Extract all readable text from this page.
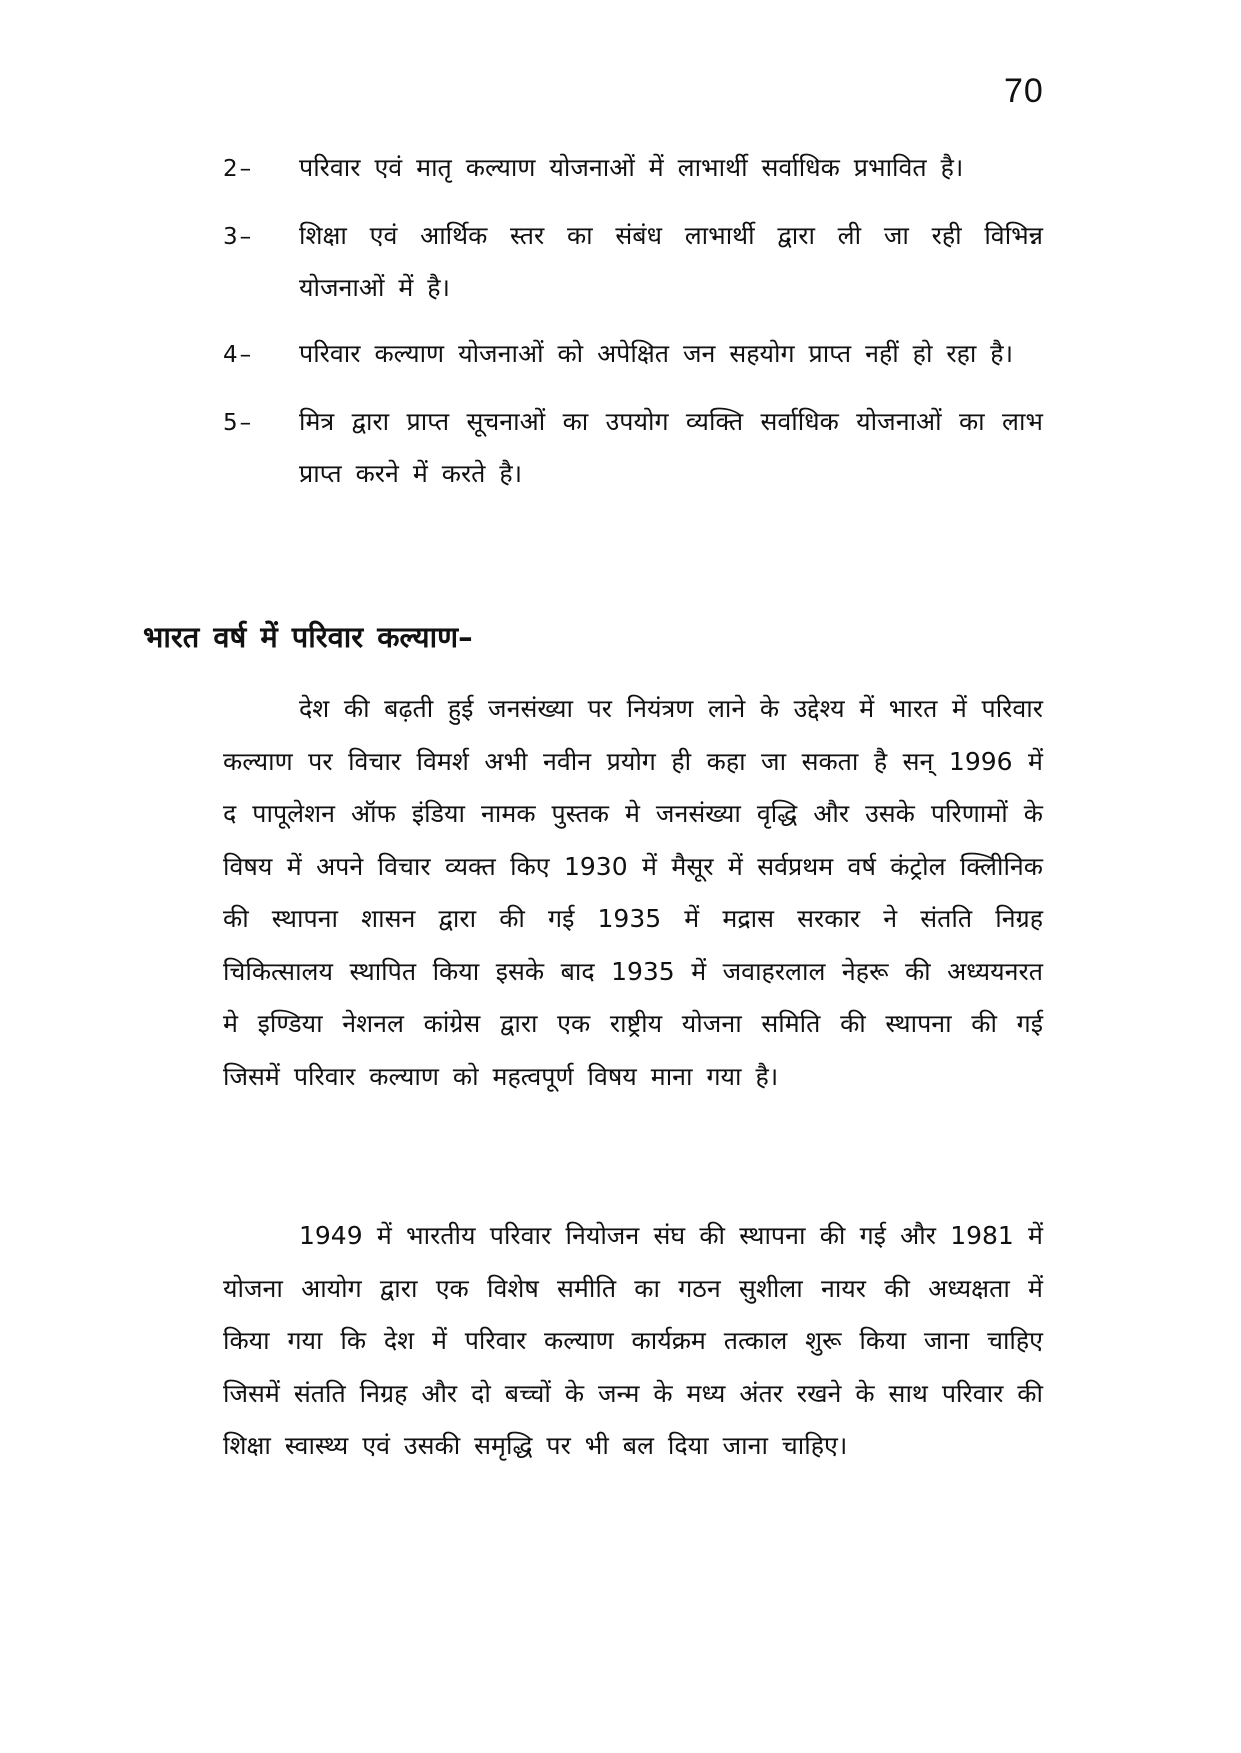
70
2–	परिवार एवं मातृ कल्याण योजनाओं में लाभार्थी सर्वाधिक प्रभावित है।
3–	शिक्षा एवं आर्थिक स्तर का संबंध लाभार्थी द्वारा ली जा रही विभिन्न योजनाओं में है।
4–	परिवार कल्याण योजनाओं को अपेक्षित जन सहयोग प्राप्त नहीं हो रहा है।
5–	मित्र द्वारा प्राप्त सूचनाओं का उपयोग व्यक्ति सर्वाधिक योजनाओं का लाभ प्राप्त करने में करते है।
भारत वर्ष में परिवार कल्याण–

देश की बढ़ती हुई जनसंख्या पर नियंत्रण लाने के उद्देश्य में भारत में परिवार कल्याण पर विचार विमर्श अभी नवीन प्रयोग ही कहा जा सकता है सन् 1996 में द पापूलेशन ऑफ इंडिया नामक पुस्तक मे जनसंख्या वृद्धि और उसके परिणामों के विषय में अपने विचार व्यक्त किए 1930 में मैसूर में सर्वप्रथम वर्ष कंट्रोल क्लिीनिक की स्थापना शासन द्वारा की गई 1935 में मद्रास सरकार ने संतति निग्रह चिकित्सालय स्थापित किया इसके बाद 1935 में जवाहरलाल नेहरू की अध्ययनरत मे इण्डिया नेशनल कांग्रेस द्वारा एक राष्ट्रीय योजना समिति की स्थापना की गई जिसमें परिवार कल्याण को महत्वपूर्ण विषय माना गया है।

1949 में भारतीय परिवार नियोजन संघ की स्थापना की गई और 1981 में योजना आयोग द्वारा एक विशेष समीति का गठन सुशीला नायर की अध्यक्षता में किया गया कि देश में परिवार कल्याण कार्यक्रम तत्काल शुरू किया जाना चाहिए जिसमें संतति निग्रह और दो बच्चों के जन्म के मध्य अंतर रखने के साथ परिवार की शिक्षा स्वास्थ्य एवं उसकी समृद्धि पर भी बल दिया जाना चाहिए।
